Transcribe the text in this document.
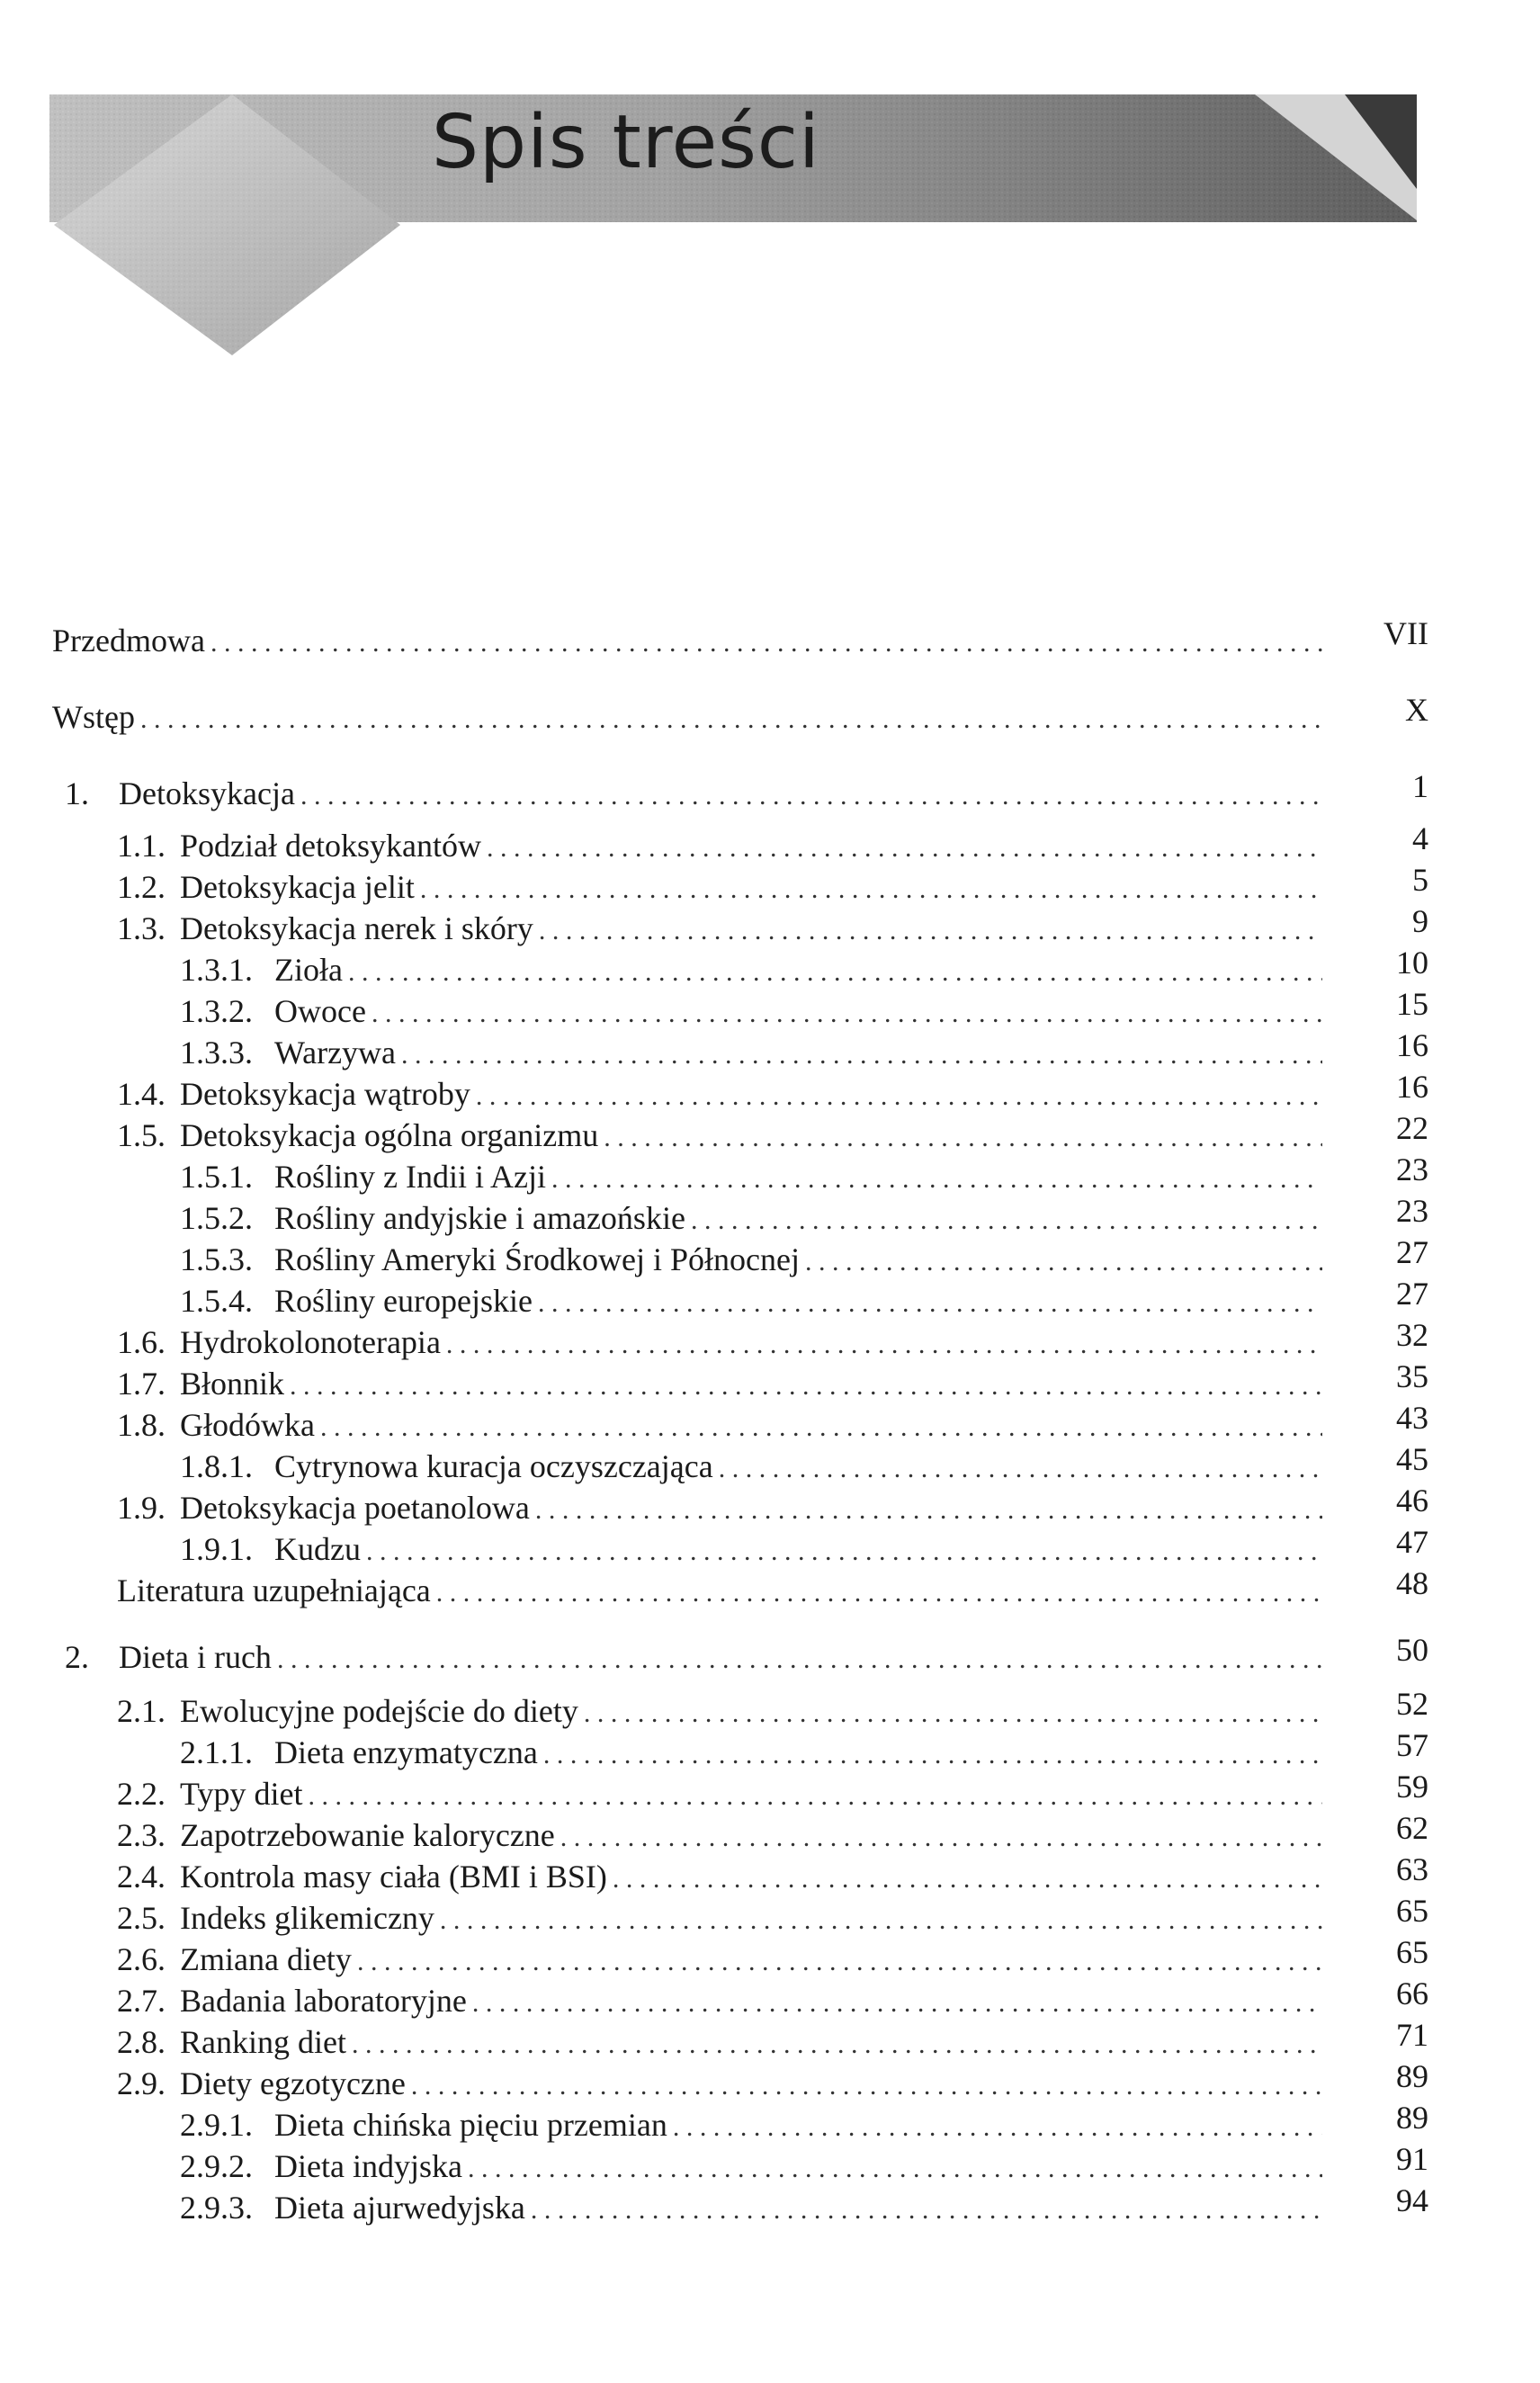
Spis treści
Przedmowa . . .	VII
Wstęp . . .	X
1. Detoksykacja . . .	1
1.1. Podział detoksykantów . . .	4
1.2. Detoksykacja jelit . . .	5
1.3. Detoksykacja nerek i skóry . . .	9
1.3.1. Zioła . . .	10
1.3.2. Owoce . . .	15
1.3.3. Warzywa . . .	16
1.4. Detoksykacja wątroby . . .	16
1.5. Detoksykacja ogólna organizmu . . .	22
1.5.1. Rośliny z Indii i Azji . . .	23
1.5.2. Rośliny andyjskie i amazońskie . . .	23
1.5.3. Rośliny Ameryki Środkowej i Północnej . . .	27
1.5.4. Rośliny europejskie . . .	27
1.6. Hydrokolonoterapia . . .	32
1.7. Błonnik . . .	35
1.8. Głodówka . . .	43
1.8.1. Cytrynowa kuracja oczyszczająca . . .	45
1.9. Detoksykacja poetanolowa . . .	46
1.9.1. Kudzu . . .	47
Literatura uzupełniająca . . .	48
2. Dieta i ruch . . .	50
2.1. Ewolucyjne podejście do diety . . .	52
2.1.1. Dieta enzymatyczna . . .	57
2.2. Typy diet . . .	59
2.3. Zapotrzebowanie kaloryczne . . .	62
2.4. Kontrola masy ciała (BMI i BSI) . . .	63
2.5. Indeks glikemiczny . . .	65
2.6. Zmiana diety . . .	65
2.7. Badania laboratoryjne . . .	66
2.8. Ranking diet . . .	71
2.9. Diety egzotyczne . . .	89
2.9.1. Dieta chińska pięciu przemian . . .	89
2.9.2. Dieta indyjska . . .	91
2.9.3. Dieta ajurwedyjska . . .	94
